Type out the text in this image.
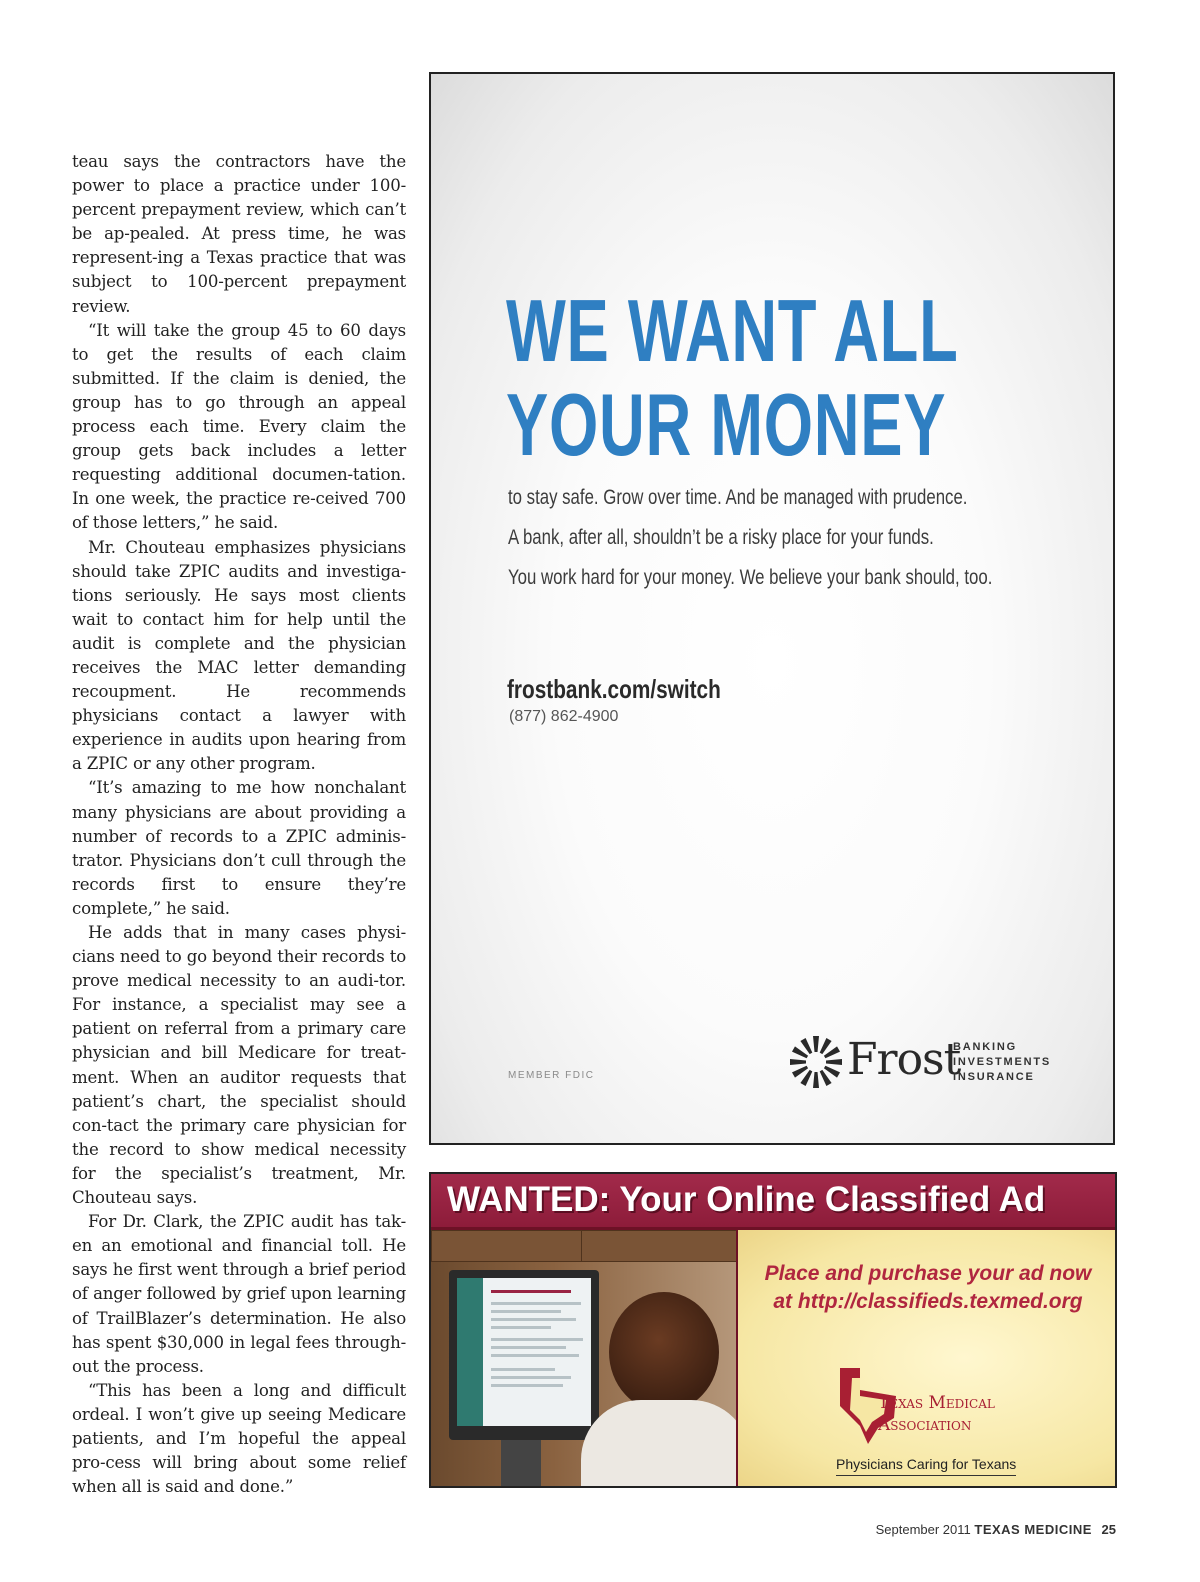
teau says the contractors have the power to place a practice under 100-percent prepayment review, which can’t be ap-pealed. At press time, he was represent-ing a Texas practice that was subject to 100-percent prepayment review.

“It will take the group 45 to 60 days to get the results of each claim submitted. If the claim is denied, the group has to go through an appeal process each time. Every claim the group gets back includes a letter requesting additional documen-tation. In one week, the practice re-ceived 700 of those letters,” he said.

Mr. Chouteau emphasizes physicians should take ZPIC audits and investiga-tions seriously. He says most clients wait to contact him for help until the audit is complete and the physician receives the MAC letter demanding recoupment. He recommends physicians contact a lawyer with experience in audits upon hearing from a ZPIC or any other program.

“It’s amazing to me how nonchalant many physicians are about providing a number of records to a ZPIC adminis-trator. Physicians don’t cull through the records first to ensure they’re complete,” he said.

He adds that in many cases physi-cians need to go beyond their records to prove medical necessity to an audi-tor. For instance, a specialist may see a patient on referral from a primary care physician and bill Medicare for treat-ment. When an auditor requests that patient’s chart, the specialist should con-tact the primary care physician for the record to show medical necessity for the specialist’s treatment, Mr. Chouteau says.

For Dr. Clark, the ZPIC audit has tak-en an emotional and financial toll. He says he first went through a brief period of anger followed by grief upon learning of TrailBlazer’s determination. He also has spent $30,000 in legal fees through-out the process.

“This has been a long and difficult ordeal. I won’t give up seeing Medicare patients, and I’m hopeful the appeal pro-cess will bring about some relief when all is said and done.”

WE WANT ALL
YOUR MONEY
to stay safe. Grow over time. And be managed with prudence.
A bank, after all, shouldn’t be a risky place for your funds.
You work hard for your money. We believe your bank should, too.
frostbank.com/switch
(877) 862-4900
MEMBER FDIC	Frost
BANKING
INVESTMENTS
INSURANCE
WANTED: Your Online Classified Ad
Place and purchase your ad now
at http://classifieds.texmed.org
Texas Medical
Association
Physicians Caring for Texans
September 2011 TEXAS MEDICINE 25
